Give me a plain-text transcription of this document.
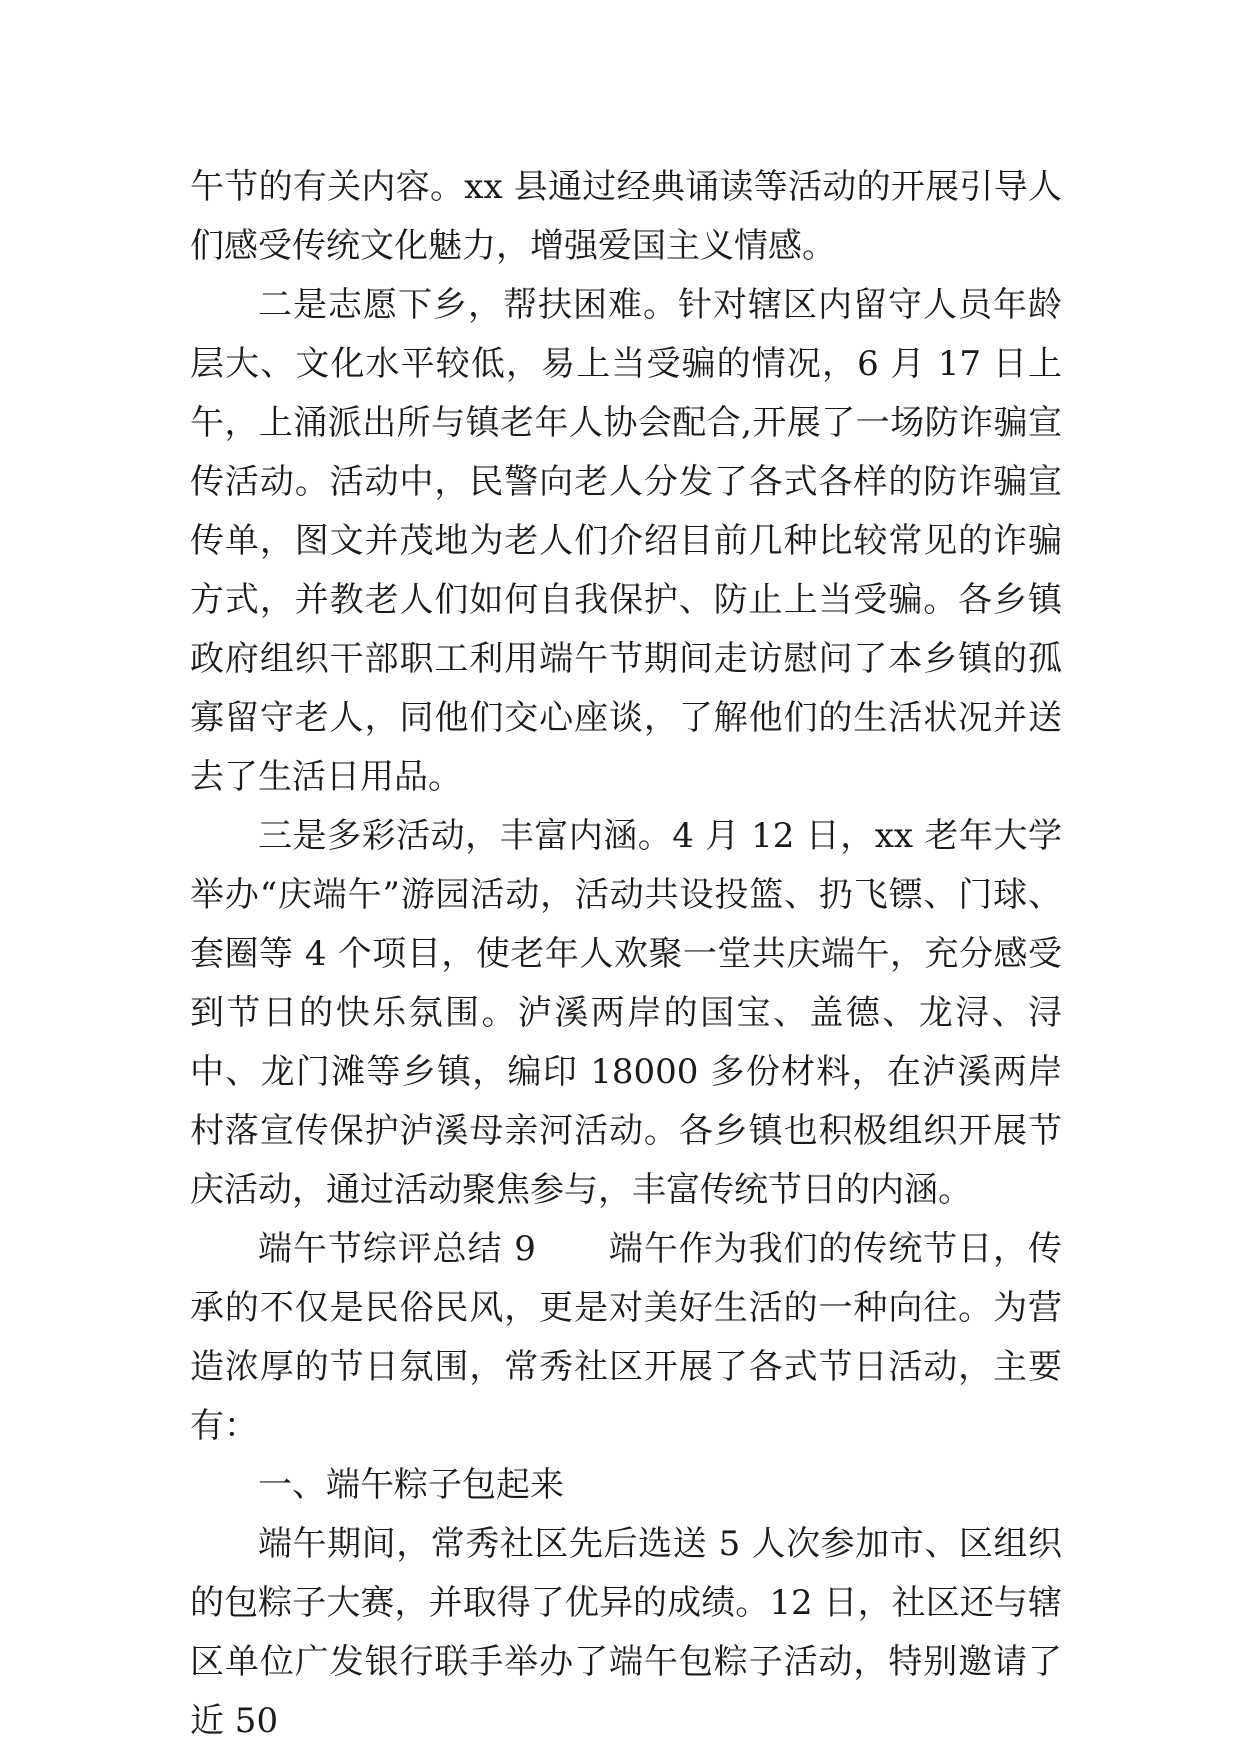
午节的有关内容。xx 县通过经典诵读等活动的开展引导人们感受传统文化魅力，增强爱国主义情感。

二是志愿下乡，帮扶困难。针对辖区内留守人员年龄层大、文化水平较低，易上当受骗的情况，6 月 17 日上午，上涌派出所与镇老年人协会配合,开展了一场防诈骗宣传活动。活动中，民警向老人分发了各式各样的防诈骗宣传单，图文并茂地为老人们介绍目前几种比较常见的诈骗方式，并教老人们如何自我保护、防止上当受骗。各乡镇政府组织干部职工利用端午节期间走访慰问了本乡镇的孤寡留守老人，同他们交心座谈，了解他们的生活状况并送去了生活日用品。

三是多彩活动，丰富内涵。4 月 12 日，xx 老年大学举办“庆端午”游园活动，活动共设投篮、扔飞镖、门球、套圈等 4 个项目，使老年人欢聚一堂共庆端午，充分感受到节日的快乐氛围。泸溪两岸的国宝、盖德、龙浔、浔中、龙门滩等乡镇，编印 18000 多份材料，在泸溪两岸村落宣传保护泸溪母亲河活动。各乡镇也积极组织开展节庆活动，通过活动聚焦参与，丰富传统节日的内涵。

端午节综评总结 9 端午作为我们的传统节日，传承的不仅是民俗民风，更是对美好生活的一种向往。为营造浓厚的节日氛围，常秀社区开展了各式节日活动，主要有：

一、端午粽子包起来

端午期间，常秀社区先后选送 5 人次参加市、区组织的包粽子大赛，并取得了优异的成绩。12 日，社区还与辖区单位广发银行联手举办了端午包粽子活动，特别邀请了近 50
